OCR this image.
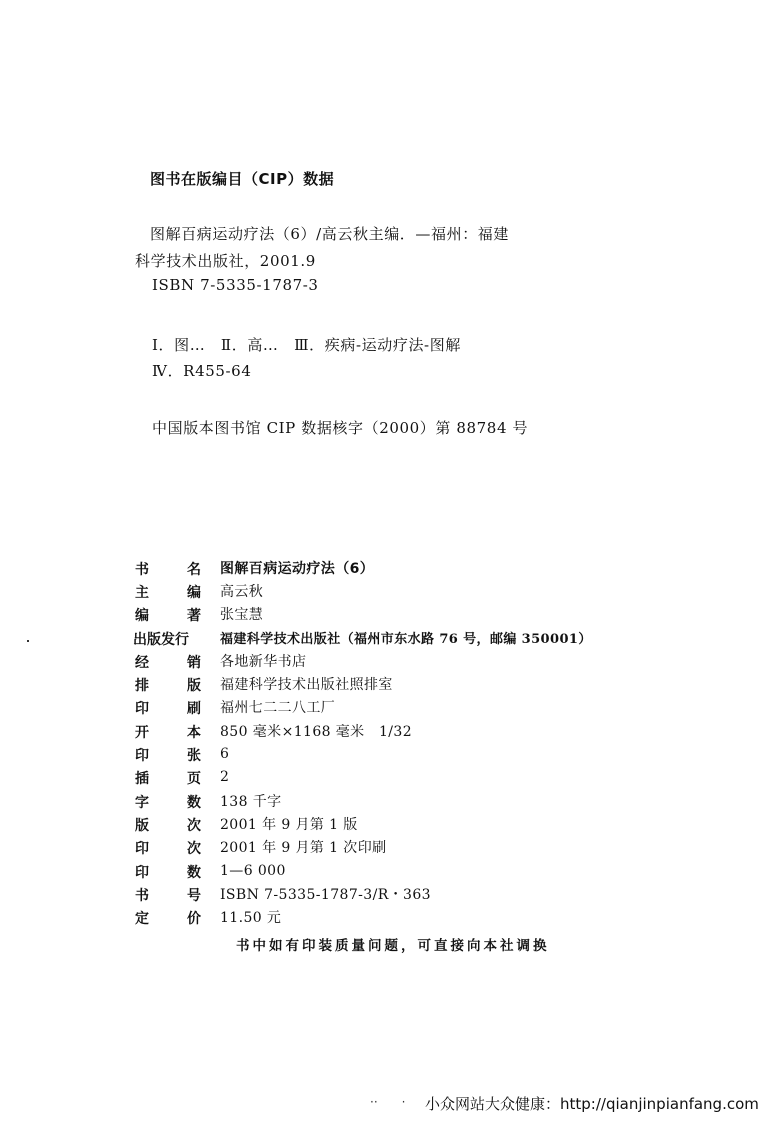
图书在版编目（CIP）数据
图解百病运动疗法（6）/高云秋主编．—福州：福建
科学技术出版社，2001.9
ISBN 7-5335-1787-3
Ⅰ．图…　Ⅱ．高…　Ⅲ．疾病-运动疗法-图解
Ⅳ．R455-64
中国版本图书馆 CIP 数据核字（2000）第 88784 号
书	名 图解百病运动疗法（6）
主	编 高云秋
编	著 张宝慧
出版发行 福建科学技术出版社（福州市东水路 76 号，邮编 350001）
经	销 各地新华书店
排	版 福建科学技术出版社照排室
印	刷 福州七二二八工厂
开	本 850 毫米×1168 毫米　1/32
印	张 6
插	页 2
字	数 138 千字
版	次 2001 年 9 月第 1 版
印	次 2001 年 9 月第 1 次印刷
印	数 1—6 000
书	号 ISBN 7-5335-1787-3/R・363
定	价 11.50 元
书中如有印装质量问题，可直接向本社调换
··　　· 小众网站大众健康：http://qianjinpianfang.com
